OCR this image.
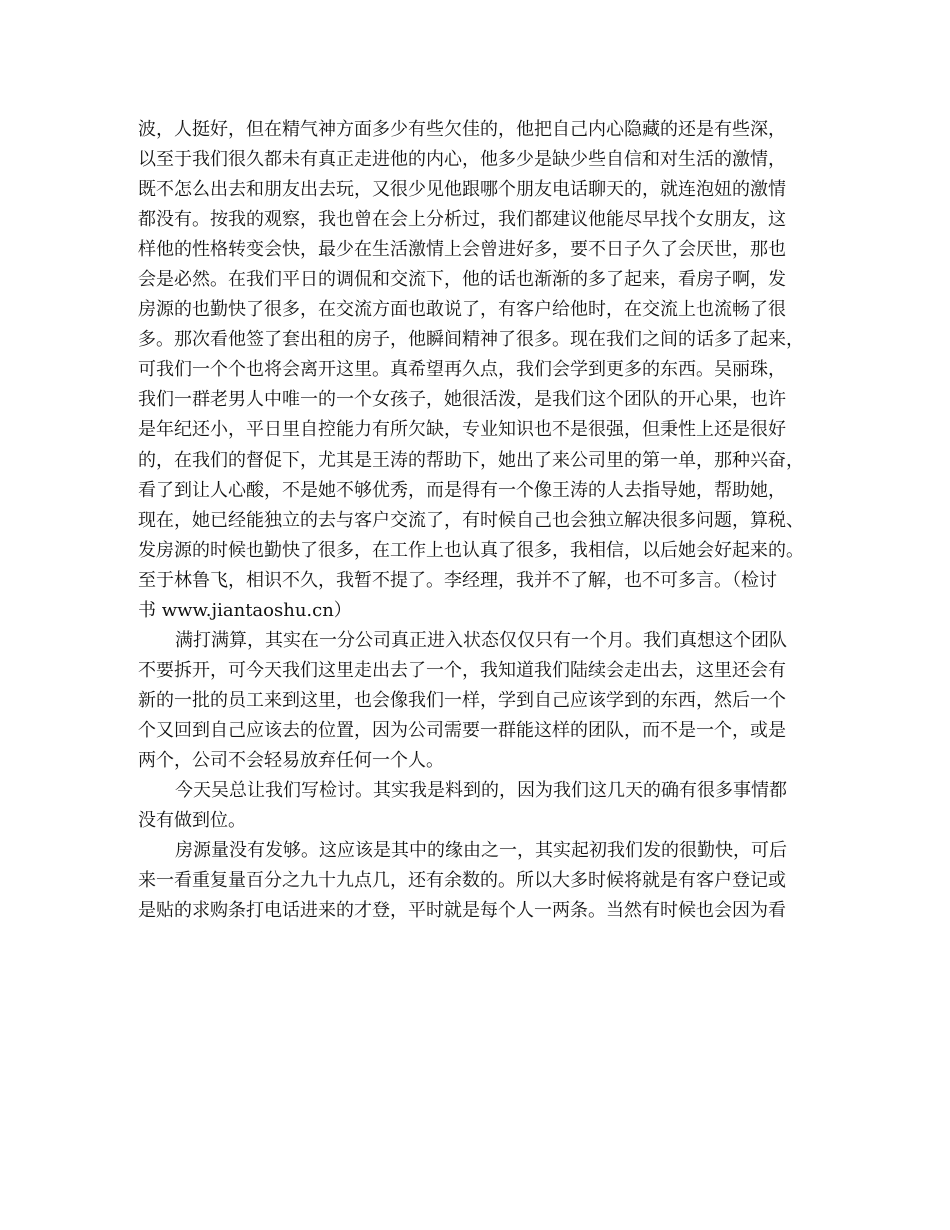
波，人挺好，但在精气神方面多少有些欠佳的，他把自己内心隐藏的还是有些深，
以至于我们很久都未有真正走进他的内心，他多少是缺少些自信和对生活的激情，
既不怎么出去和朋友出去玩，又很少见他跟哪个朋友电话聊天的，就连泡妞的激情
都没有。按我的观察，我也曾在会上分析过，我们都建议他能尽早找个女朋友，这
样他的性格转变会快，最少在生活激情上会曾进好多，要不日子久了会厌世，那也
会是必然。在我们平日的调侃和交流下，他的话也渐渐的多了起来，看房子啊，发
房源的也勤快了很多，在交流方面也敢说了，有客户给他时，在交流上也流畅了很
多。那次看他签了套出租的房子，他瞬间精神了很多。现在我们之间的话多了起来，
可我们一个个也将会离开这里。真希望再久点，我们会学到更多的东西。吴丽珠，
我们一群老男人中唯一的一个女孩子，她很活泼，是我们这个团队的开心果，也许
是年纪还小，平日里自控能力有所欠缺，专业知识也不是很强，但秉性上还是很好
的，在我们的督促下，尤其是王涛的帮助下，她出了来公司里的第一单，那种兴奋，
看了到让人心酸，不是她不够优秀，而是得有一个像王涛的人去指导她，帮助她，
现在，她已经能独立的去与客户交流了，有时候自己也会独立解决很多问题，算税、
发房源的时候也勤快了很多，在工作上也认真了很多，我相信，以后她会好起来的。
至于林鲁飞，相识不久，我暂不提了。李经理，我并不了解，也不可多言。（检讨
书 www.jiantaoshu.cn）
满打满算，其实在一分公司真正进入状态仅仅只有一个月。我们真想这个团队
不要拆开，可今天我们这里走出去了一个，我知道我们陆续会走出去，这里还会有
新的一批的员工来到这里，也会像我们一样，学到自己应该学到的东西，然后一个
个又回到自己应该去的位置，因为公司需要一群能这样的团队，而不是一个，或是
两个，公司不会轻易放弃任何一个人。
今天吴总让我们写检讨。其实我是料到的，因为我们这几天的确有很多事情都
没有做到位。
房源量没有发够。这应该是其中的缘由之一，其实起初我们发的很勤快，可后
来一看重复量百分之九十九点几，还有余数的。所以大多时候将就是有客户登记或
是贴的求购条打电话进来的才登，平时就是每个人一两条。当然有时候也会因为看
